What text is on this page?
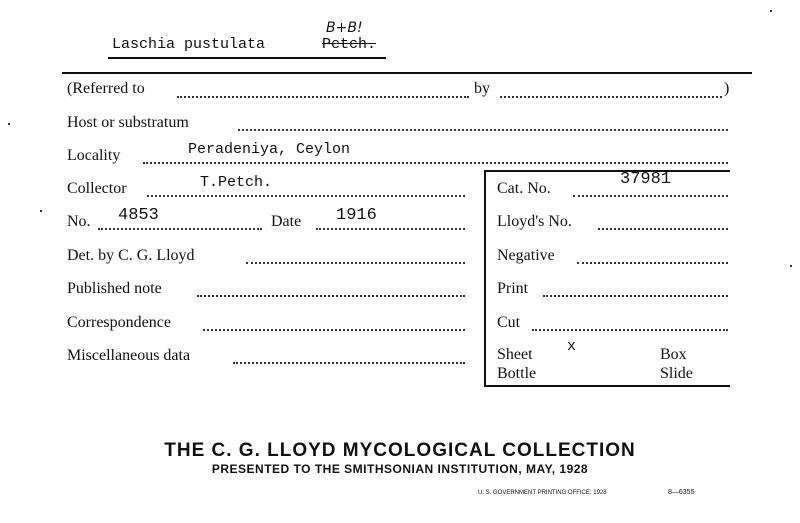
Laschia pustulata	Petch.
B+B!
(Referred to	by	)
Host or substratum
Locality	Peradeniya, Ceylon
Collector	T.Petch.	Cat. No.	37981
No. 4853	Date 1916	Lloyd's No.
Det. by C. G. Lloyd	Negative
Published note	Print
Correspondence	Cut
Miscellaneous data	Sheet x	Box
Bottle	Slide
THE C. G. LLOYD MYCOLOGICAL COLLECTION
PRESENTED TO THE SMITHSONIAN INSTITUTION, MAY, 1928
U. S. GOVERNMENT PRINTING OFFICE: 1928	8—6355
